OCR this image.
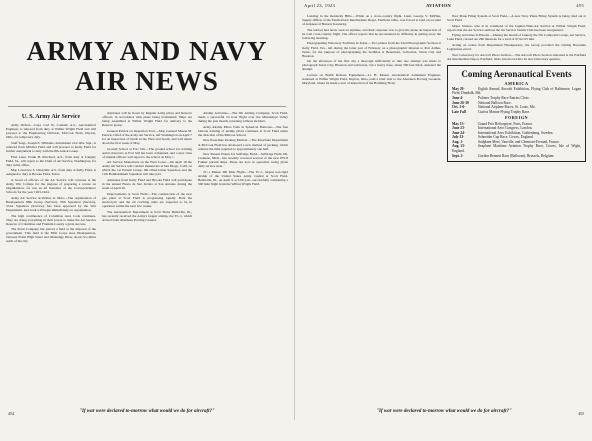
ARMY AND NAVY AIR NEWS
U. S. Army Air Service

Army Orders.—Capt. Carl W. Connell, A.S., Aeronautical Engineer, is relieved from duty at Wilbur Wright Field and will proceed to the Engineering Division, McCook Field, Dayton, Ohio, for temporary duty.

Staff Sergt. Joseph E. Williams, detachment 21st Obs. Sqd., is relieved from Mitchel Field and will proceed to Kelly Field for further assignment to duty with the 8th Attack Group.

First Lieut. Frank H. Pritchard, A.S., from duty at Langley Field, Va., will report to the Chief of Air Service, Washington, for duty in his office.

Maj. Lawrence S. Churchill, A.S., from duty at Kelly Field, is assigned to duty at Brooks Field, Texas.

A board of officers of the Air Service will convene at the Army War College for the purpose of preparing a course on Organization, for use in all branches of the Correspondence Schools for the year 1923-1924.

Army Air Service Activities in Ohio.—The organization of Headquarters 88th Group (Service), 35th Squadron (Service), 331st Squadron (Service), has been approved by the War Department, and work will begin immediately on organization.

The high continuance of Columbus Area Code continues. They are doing everything in their power to make the Air Service Reserve of Columbus and Franklin County a great success.

The Pond Company has placed a field at the disposal of the government. This field is the Fifth Corps Area Headquarters, between North High Street and Olentangy River, about two miles north of the city.

Airplanes will be flown by Regular Army pilots and Reserve officers, in accordance with plans being formulated. Ships are being assembled at Wilbur Wright Field for delivery to the Reserve group.

General Patrick on Inspection Tour.—Maj. General Mason M. Patrick, Chief of the Army Air Service, left Washington on April 7 for an inspection of fields in the West and South, and will return about the first week of May.

Ground School at Fort Sill.—The ground school for training aerial observers at Fort Sill has been completed, and a new class of student officers will report to the school on May 1.

Air Service Maneuvers on the West Coast.—On April 18 the Army Air Service will conduct maneuvers at San Diego, Calif., in which the 1st Pursuit Group, 9th Observation Squadron and the 11th Bombardment Squadron will take part.

Airplanes from Kelly Field and Brooks Field will participate in the annual Fiesta de San Jacinto at San Antonio during the week of April 20.

Improvements at Scott Field.—The construction of the new gas plant at Scott Field is progressing rapidly. Both the electrolytic and the oil cracking units are expected to be in operation within the next few weeks.

The Aeronautical Department at Scott Field, Belleville, Ill., has recently received the Army's largest airship, the TC-1, which arrived from Aberdeen Proving Ground.

Airship Activities.—The 9th Airship Company, Scott Field, made a successful 24 hour flight over the Mississippi Valley during the past month, returning without incident.

Army Airship Pilots Train in Spherical Balloons.—The free balloon training of airship pilots continues at Scott Field under the direction of the Balloon School.

New Parachute Packing Method.—The Parachute Department at McCook Field has developed a new method of packing, which reduces the time required to approximately one half.

New Pursuit Planes for Selfridge Field.—Selfridge Field, Mt. Clemens, Mich., has recently received several of the new PW-8 Fokker pursuit ships. These are now in operation, being given daily service tests.

TC-1 Makes 300 Mile Flight.—The TC-1, largest non-rigid airship of the United States Army, landed at Scott Field, Belleville, Ill., on April 9 at 5.00 p.m., successfully completing a 300 mile flight from the Wilbur Wright Field.

"If war were declared to-morrow what would we do for aircraft?"
454
April 23, 1923	AVIATION	455

Landing in the Kentucky Hills.—While on a cross-country flight, Lieut. George V. McPike, Supply Officer at the Fairfield Air Intermediate Depot, Fairfield, Ohio, was forced to land on account of darkness at Hazard, Kentucky.

The natives had never seen an airplane, and their response was to give the plane an inspection of its total cross-country flight. The officer reports that he encountered no difficulty in getting away the following morning.

Photographing Waterway Facilities in Texas.—Two planes from the 22nd Photographic Section at Kelly Field, Tex., left during the latter part of February on a photographic mission to Port Arthur, Texas, for the purpose of photographing the facilities at Beaumont, Galveston, Texas City and Houston.

On the afternoon of the first day a thorough sufficiently so that one attempt was made to photograph Texas City, Houston and Galveston, but a heavy haze, about 500 feet thick, defeated the attempt.

Lecture on Bomb Release Equipment.—Lt. H. Mount, Aeronautical Armament Engineer, stationed at Wilbur Wright Field, Dayton, Ohio, paid a brief visit to the Aberdeen Proving Grounds, Maryland, where he made a tour of inspection of the Bombing Field.

New Plane Filing System at Scott Field.—A new Navy Plane Filing System is being tried out at Scott Field.

Major Strauss, who is in command of the Lighter-Than-Air Section at Wilbur Wright Field, reports that the Air Service sailboat the Air Service Tennis Club has been reorganized.

Flying Activities in Hawaii.—During the month of January the 5th Composite Group, Air Service, Luke Field, carried out 290 missions for a total of 97 hrs 05 min.

Acting on orders from Department Headquarters, the Group provided the visiting Hawaiian Legislature escort.

New Laboratory for Aircraft Photo Section.—The Aircraft Photo Section stationed at the Fairfield Air Intermediate Depot, Fairfield, Ohio, has moved into its new laboratory quarters.

Coming Aeronautical Events
AMERICA
May 20-	Eighth Annual Aircraft Exhibition, Flying Club of Baltimore, Logan Field, Dundalk, Md.
June 4-	Pulitzer Trophy Race Entries Close.
June 26-30	National Balloon Race.
Oct. 1-6-	National Airplane Races, St. Louis, Mo.
Late Fall	Curtiss Marine Flying Trophy Race.
FOREIGN
May 13-	Grand Prix Helicoptere, Paris, France.
June 23-	International Aero Congress, London.
June 24-	International Aero Exhibition, Gothenburg, Sweden.
July 13-	Schneider Cup Race, Cowes, England.
Aug. 1-	Sailplane Meet, Vauville, and Clermont-Ferrand, France.
Aug. 13-	Seaplane Maritime Aviation Trophy Race, Cowes, Isle of Wight, England.
Sept. 2-	Gordon Bennett Race (Balloons), Brussels, Belgium.
"If war were declared to-morrow what would we do for aircraft?"	455
